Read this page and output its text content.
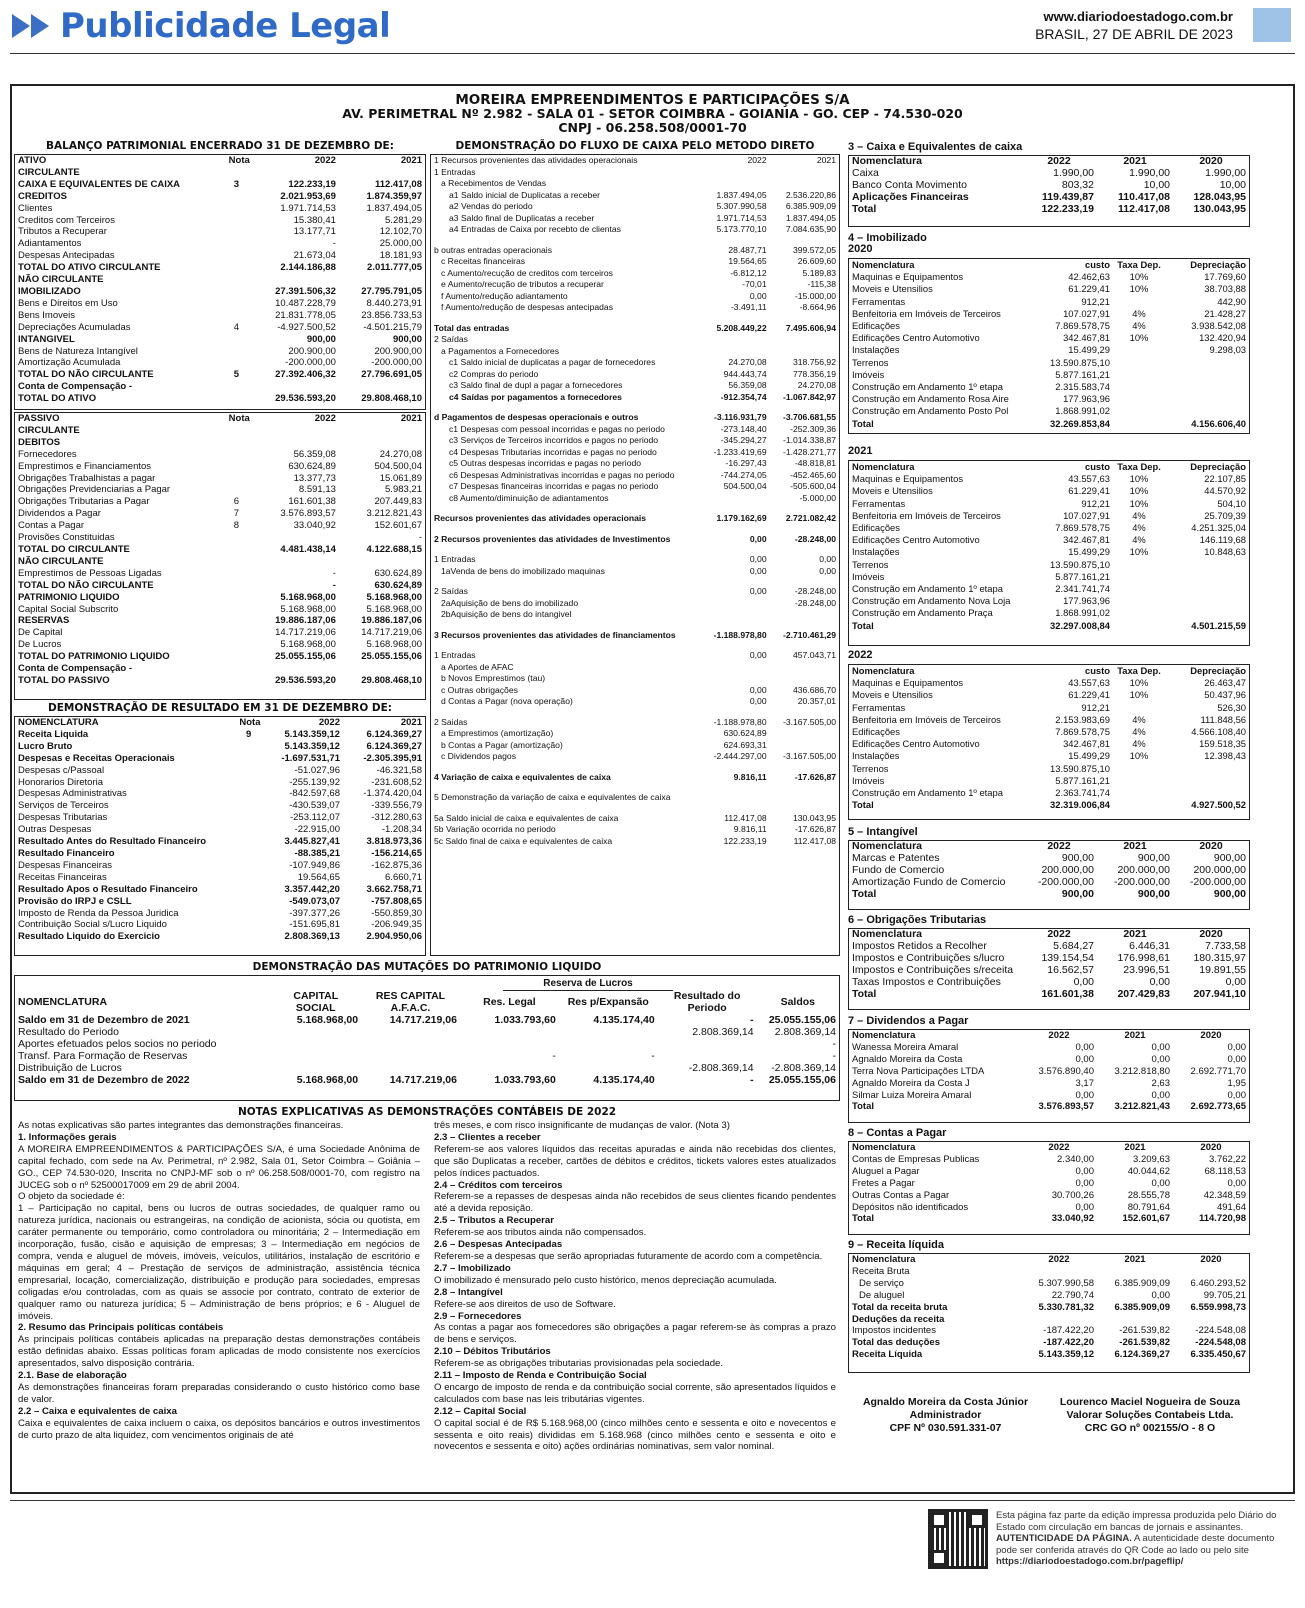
Publicidade Legal	www.diariodoestadogo.com.br
BRASIL, 27 DE ABRIL DE 2023
MOREIRA EMPREENDIMENTOS E PARTICIPAÇÕES S/A
AV. PERIMETRAL Nº 2.982 - SALA 01 - SETOR COIMBRA - GOIANIA - GO. CEP - 74.530-020
CNPJ - 06.258.508/0001-70
BALANÇO PATRIMONIAL ENCERRADO 31 DE DEZEMBRO DE:
ATIVO	Nota	2022	2021
CIRCULANTE			
CAIXA E EQUIVALENTES DE CAIXA	3	122.233,19	112.417,08
CREDITOS		2.021.953,69	1.874.359,97
Clientes		1.971.714,53	1.837.494,05
Creditos com Terceiros		15.380,41	5.281,29
Tributos a Recuperar		13.177,71	12.102,70
Adiantamentos		-	25.000,00
Despesas Antecipadas		21.673,04	18.181,93
TOTAL DO ATIVO CIRCULANTE		2.144.186,88	2.011.777,05
NÃO CIRCULANTE			
IMOBILIZADO		27.391.506,32	27.795.791,05
Bens e Direitos em Uso		10.487.228,79	8.440.273,91
Bens Imoveis		21.831.778,05	23.856.733,53
Depreciações Acumuladas	4	-4.927.500,52	-4.501.215,79
INTANGIVEL		900,00	900,00
Bens de Natureza Intangível		200.900,00	200.900,00
Amortização Acumulada		-200.000,00	-200.000,00
TOTAL DO NÃO CIRCULANTE	5	27.392.406,32	27.796.691,05
Conta de Compensação -			
TOTAL DO ATIVO		29.536.593,20	29.808.468,10
PASSIVO	Nota	2022	2021
CIRCULANTE			
DEBITOS			
Fornecedores		56.359,08	24.270,08
Emprestimos e Financiamentos		630.624,89	504.500,04
Obrigações Trabalhistas a pagar		13.377,73	15.061,89
Obrigações Previdenciarias a Pagar		8.591,13	5.983,21
Obrigações Tributarias a Pagar	6	161.601,38	207.449,83
Dividendos a Pagar	7	3.576.893,57	3.212.821,43
Contas a Pagar	8	33.040,92	152.601,67
Provisões Constituidas			-
TOTAL DO CIRCULANTE		4.481.438,14	4.122.688,15
NÃO CIRCULANTE			
Emprestimos de Pessoas Ligadas		-	630.624,89
TOTAL DO NÃO CIRCULANTE		-	630.624,89
PATRIMONIO LIQUIDO		5.168.968,00	5.168.968,00
Capital Social Subscrito		5.168.968,00	5.168.968,00
RESERVAS		19.886.187,06	19.886.187,06
De Capital		14.717.219,06	14.717.219,06
De Lucros		5.168.968,00	5.168.968,00
TOTAL DO PATRIMONIO LIQUIDO		25.055.155,06	25.055.155,06
Conta de Compensação -			
TOTAL DO PASSIVO		29.536.593,20	29.808.468,10
DEMONSTRAÇÃO DE RESULTADO EM 31 DE DEZEMBRO DE:
NOMENCLATURA	Nota	2022	2021
Receita Liquida	9	5.143.359,12	6.124.369,27
Lucro Bruto		5.143.359,12	6.124.369,27
Despesas e Receitas Operacionais		-1.697.531,71	-2.305.395,91
Despesas c/Passoal		-51.027,96	-46.321,58
Honorarios Diretoria		-255.139,92	-231.608,52
Despesas Administrativas		-842.597,68	-1.374.420,04
Serviços de Terceiros		-430.539,07	-339.556,79
Despesas Tributarias		-253.112,07	-312.280,63
Outras Despesas		-22.915,00	-1.208,34
Resultado Antes do Resultado Financeiro		3.445.827,41	3.818.973,36
Resultado Financeiro		-88.385,21	-156.214,65
Despesas Financeiras		-107.949,86	-162.875,36
Receitas Financeiras		19.564,65	6.660,71
Resultado Apos o Resultado Financeiro		3.357.442,20	3.662.758,71
Provisão do IRPJ e CSLL		-549.073,07	-757.808,65
Imposto de Renda da Pessoa Juridica		-397.377,26	-550.859,30
Contribuição Social s/Lucro Liquido		-151.695,81	-206.949,35
Resultado Liquido do Exercicio		2.808.369,13	2.904.950,06
DEMONSTRAÇÃO DO FLUXO DE CAIXA PELO METODO DIRETO
1 Recursos provenientes das atividades operacionais	2022	2021

1 Entradas		
a Recebimentos de Vendas		
a1 Saldo inicial de Duplicatas a receber	1.837.494,05	2.536.220,86
a2 Vendas do periodo	5.307.990,58	6.385.909,09
a3 Saldo final de Duplicatas a receber	1.971.714,53	1.837.494,05
a4 Entradas de Caixa por recebto de clientas	5.173.770,10	7.084.635,90
b outras entradas operacionais	28.487,71	399.572,05
c Receitas financeiras	19.564,65	26.609,60
c Aumento/recução de creditos com terceiros	-6.812,12	5.189,83
e Aumento/recução de tributos a recuperar	-70,01	-115,38
f Aumento/redução adiantamento	0,00	-15.000,00
f Aumento/redução de despesas antecipadas	-3.491,11	-8.664,96
Total das entradas	5.208.449,22	7.495.606,94
2 Saídas		
a Pagamentos a Fornecedores		
c1 Saldo inicial de duplicatas a pagar de fornecedores	24.270,08	318.756,92
c2 Compras do periodo	944.443,74	778.356,19
c3 Saldo final de dupl a pagar a fornecedores	56.359,08	24.270,08
c4 Saídas por pagamentos a fornecedores	-912.354,74	-1.067.842,97
d Pagamentos de despesas operacionais e outros	-3.116.931,79	-3.706.681,55
c1 Despesas com pessoal incorridas e pagas no periodo	-273.148,40	-252.309,36
c3 Serviços de Terceiros incorridos e pagos no periodo	-345.294,27	-1.014.338,87
c4 Despesas Tributarias incorridas e pagas no periodo	-1.233.419,69	-1.428.271,77
c5 Outras despesas incorridas e pagas no periodo	-16.297,43	-48.818,81
c6 Despesas Administrativas incorridas e pagas no periodo	-744.274,05	-452.465,60
c7 Despesas financeiras incorridas e pagas no periodo	504.500,04	-505.600,04
c8 Aumento/diminuição de adiantamentos		-5.000,00
Recursos provenientes das atividades operacionais	1.179.162,69	2.721.082,42
2 Recursos provenientes das atividades de Investimentos	0,00	-28.248,00
1 Entradas	0,00	0,00
1aVenda de bens do imobilizado maquinas	0,00	0,00
2 Saídas	0,00	-28.248,00
2aAquisição de bens do imobilizado		-28.248,00
2bAquisição de bens do intangivel		
3 Recursos provenientes das atividades de financiamentos	-1.188.978,80	-2.710.461,29
1 Entradas	0,00	457.043,71
a Aportes de AFAC		
b Novos Emprestimos (tau)		
c Outras obrigações	0,00	436.686,70
d Contas a Pagar (nova operação)	0,00	20.357,01
2 Saidas	-1.188.978,80	-3.167.505,00
a Emprestimos (amortização)	630.624,89	
b Contas a Pagar (amortização)	624.693,31	
c Dividendos pagos	-2.444.297,00	-3.167.505,00
4 Variação de caixa e equivalentes de caixa	9.816,11	-17.626,87
5 Demonstração da variação de caixa e equivalentes de caixa		
5a Saldo inicial de caixa e equivalentes de caixa	112.417,08	130.043,95
5b Variação ocorrida no periodo	9.816,11	-17.626,87
5c Saldo final de caixa e equivalentes de caixa	122.233,19	112.417,08
DEMONSTRAÇÃO DAS MUTAÇÕES DO PATRIMONIO LIQUIDO
Reserva de Lucros
NOMENCLATURA	CAPITAL SOCIAL	RES CAPITAL A.F.A.C.	Res. Legal	Res p/Expansão	Resultado do Periodo	Saldos
Saldo em 31 de Dezembro de 2021	5.168.968,00	14.717.219,06	1.033.793,60	4.135.174,40	-	25.055.155,06
Resultado do Periodo					2.808.369,14	2.808.369,14
Aportes efetuados pelos socios no periodo						-
Transf. Para Formação de Reservas			-	-		-
Distribuição de Lucros					-2.808.369,14	-2.808.369,14
Saldo em 31 de Dezembro de 2022	5.168.968,00	14.717.219,06	1.033.793,60	4.135.174,40	-	25.055.155,06
NOTAS EXPLICATIVAS AS DEMONSTRAÇÕES CONTÁBEIS DE 2022

As notas explicativas são partes integrantes das demonstrações financeiras.

1. Informações gerais

A MOREIRA EMPREENDIMENTOS & PARTICIPAÇÕES S/A, é uma Sociedade Anônima de capital fechado, com sede na Av. Perimetral, nº 2.982, Sala 01, Setor Coimbra – Goiânia – GO., CEP 74.530-020, Inscrita no CNPJ-MF sob o nº 06.258.508/0001-70, com registro na JUCEG sob o nº 52500017009 em 29 de abril 2004.

O objeto da sociedade é:

1 – Participação no capital, bens ou lucros de outras sociedades, de qualquer ramo ou natureza jurídica, nacionais ou estrangeiras, na condição de acionista, sócia ou quotista, em caráter permanente ou temporário, como controladora ou minoritária; 2 – Intermediação em incorporação, fusão, cisão e aquisição de empresas; 3 – Intermediação em negócios de compra, venda e aluguel de móveis, imóveis, veículos, utilitários, instalação de escritório e máquinas em geral; 4 – Prestação de serviços de administração, assistência técnica empresarial, locação, comercialização, distribuição e produção para sociedades, empresas coligadas e/ou controladas, com as quais se associe por contrato, contrato de exterior de qualquer ramo ou natureza jurídica; 5 – Administração de bens próprios; e 6 - Aluguel de imóveis.

2. Resumo das Principais políticas contábeis

As principais políticas contábeis aplicadas na preparação destas demonstrações contábeis estão definidas abaixo. Essas políticas foram aplicadas de modo consistente nos exercícios apresentados, salvo disposição contrária.

2.1. Base de elaboração

As demonstrações financeiras foram preparadas considerando o custo histórico como base de valor.

2.2 – Caixa e equivalentes de caixa

Caixa e equivalentes de caixa incluem o caixa, os depósitos bancários e outros investimentos de curto prazo de alta liquidez, com vencimentos originais de até

três meses, e com risco insignificante de mudanças de valor. (Nota 3)

2.3 – Clientes a receber

Referem-se aos valores líquidos das receitas apuradas e ainda não recebidas dos clientes, que são Duplicatas a receber, cartões de débitos e créditos, tickets valores estes atualizados pelos índices pactuados.

2.4 – Créditos com terceiros

Referem-se a repasses de despesas ainda não recebidos de seus clientes ficando pendentes até a devida reposição.

2.5 – Tributos a Recuperar

Referem-se aos tributos ainda não compensados.

2.6 – Despesas Antecipadas

Referem-se a despesas que serão apropriadas futuramente de acordo com a competência.

2.7 – Imobilizado

O imobilizado é mensurado pelo custo histórico, menos depreciação acumulada.

2.8 – Intangível

Refere-se aos direitos de uso de Software.

2.9 – Fornecedores

As contas a pagar aos fornecedores são obrigações a pagar referem-se às compras a prazo de bens e serviços.

2.10 – Débitos Tributários

Referem-se as obrigações tributarias provisionadas pela sociedade.

2.11 – Imposto de Renda e Contribuição Social

O encargo de imposto de renda e da contribuição social corrente, são apresentados líquidos e calculados com base nas leis tributárias vigentes.

2.12 – Capital Social

O capital social é de R$ 5.168.968,00 (cinco milhões cento e sessenta e oito e novecentos e sessenta e oito reais) divididas em 5.168.968 (cinco milhões cento e sessenta e oito e novecentos e sessenta e oito) ações ordinárias nominativas, sem valor nominal.

3 – Caixa e Equivalentes de caixa
Nomenclatura	2022	2021	2020
Caixa	1.990,00	1.990,00	1.990,00
Banco Conta Movimento	803,32	10,00	10,00
Aplicações Financeiras	119.439,87	110.417,08	128.043,95
Total	122.233,19	112.417,08	130.043,95
4 – Imobilizado
2020
Nomenclatura	custo	Taxa Dep.	Depreciação
Maquinas e Equipamentos	42.462,63	10%	17.769,60
Moveis e Utensilios	61.229,41	10%	38.703,88
Ferramentas	912,21		442,90
Benfeitoria em Imóveis de Terceiros	107.027,91	4%	21.428,27
Edificações	7.869.578,75	4%	3.938.542,08
Edificações Centro Automotivo	342.467,81	10%	132.420,94
Instalações	15.499,29		9.298,03
Terrenos	13.590.875,10		
Imóveis	5.877.161,21		
Construção em Andamento 1º etapa	2.315.583,74		
Construção em Andamento Rosa Aire	177.963,96		
Construção em Andamento Posto Pol	1.868.991,02		
Total	32.269.853,84		4.156.606,40
2021
Nomenclatura	custo	Taxa Dep.	Depreciação
Maquinas e Equipamentos	43.557,63	10%	22.107,85
Moveis e Utensilios	61.229,41	10%	44.570,92
Ferramentas	912,21	10%	504,10
Benfeitoria em Imóveis de Terceiros	107.027,91	4%	25.709,39
Edificações	7.869.578,75	4%	4.251.325,04
Edificações Centro Automotivo	342.467,81	4%	146.119,68
Instalações	15.499,29	10%	10.848,63
Terrenos	13.590.875,10		
Imóveis	5.877.161,21		
Construção em Andamento 1º etapa	2.341.741,74		
Construção em Andamento Nova Loja	177.963,96		
Construção em Andamento Praça	1.868.991,02		
Total	32.297.008,84		4.501.215,59
2022
Nomenclatura	custo	Taxa Dep.	Depreciação
Maquinas e Equipamentos	43.557,63	10%	26.463,47
Moveis e Utensilios	61.229,41	10%	50.437,96
Ferramentas	912,21		526,30
Benfeitoria em Imóveis de Terceiros	2.153.983,69	4%	111.848,56
Edificações	7.869.578,75	4%	4.566.108,40
Edificações Centro Automotivo	342.467,81	4%	159.518,35
Instalações	15.499,29	10%	12.398,43
Terrenos	13.590.875,10		
Imóveis	5.877.161,21		
Construção em Andamento 1º etapa	2.363.741,74		
Total	32.319.006,84		4.927.500,52
5 – Intangível
Nomenclatura	2022	2021	2020
Marcas e Patentes	900,00	900,00	900,00
Fundo de Comercio	200.000,00	200.000,00	200.000,00
Amortização Fundo de Comercio	-200.000,00	-200.000,00	-200.000,00
Total	900,00	900,00	900,00
6 – Obrigações Tributarias
Nomenclatura	2022	2021	2020
Impostos Retidos a Recolher	5.684,27	6.446,31	7.733,58
Impostos e Contribuições s/lucro	139.154,54	176.998,61	180.315,97
Impostos e Contribuições s/receita	16.562,57	23.996,51	19.891,55
Taxas Impostos e Contribuições	0,00	0,00	0,00
Total	161.601,38	207.429,83	207.941,10
7 – Dividendos a Pagar
Nomenclatura	2022	2021	2020
Wanessa Moreira Amaral	0,00	0,00	0,00
Agnaldo Moreira da Costa	0,00	0,00	0,00
Terra Nova Participações LTDA	3.576.890,40	3.212.818,80	2.692.771,70
Agnaldo Moreira da Costa J	3,17	2,63	1,95
Silmar Luiza Moreira Amaral	0,00	0,00	0,00
Total	3.576.893,57	3.212.821,43	2.692.773,65
8 – Contas a Pagar
Nomenclatura	2022	2021	2020
Contas de Empresas Publicas	2.340,00	3.209,63	3.762,22
Aluguel a Pagar	0,00	40.044,62	68.118,53
Fretes a Pagar	0,00	0,00	0,00
Outras Contas a Pagar	30.700,26	28.555,78	42.348,59
Depósitos não identificados	0,00	80.791,64	491,64
Total	33.040,92	152.601,67	114.720,98
9 – Receita líquida
Nomenclatura	2022	2021	2020
Receita Bruta			
De serviço	5.307.990,58	6.385.909,09	6.460.293,52
De aluguel	22.790,74	0,00	99.705,21
Total da receita bruta	5.330.781,32	6.385.909,09	6.559.998,73
Deduções da receita			
Impostos incidentes	-187.422,20	-261.539,82	-224.548,08
Total das deduções	-187.422,20	-261.539,82	-224.548,08
Receita Líquida	5.143.359,12	6.124.369,27	6.335.450,67
Agnaldo Moreira da Costa Júnior
Administrador
CPF Nº 030.591.331-07
Lourenco Maciel Nogueira de Souza
Valorar Soluções Contabeis Ltda.
CRC GO nº 002155/O - 8 O
Esta página faz parte da edição impressa produzida pelo Diário do Estado com circulação em bancas de jornais e assinantes. AUTENTICIDADE DA PÁGINA. A autenticidade deste documento pode ser conferida através do QR Code ao lado ou pelo site https://diariodoestadogo.com.br/pageflip/
